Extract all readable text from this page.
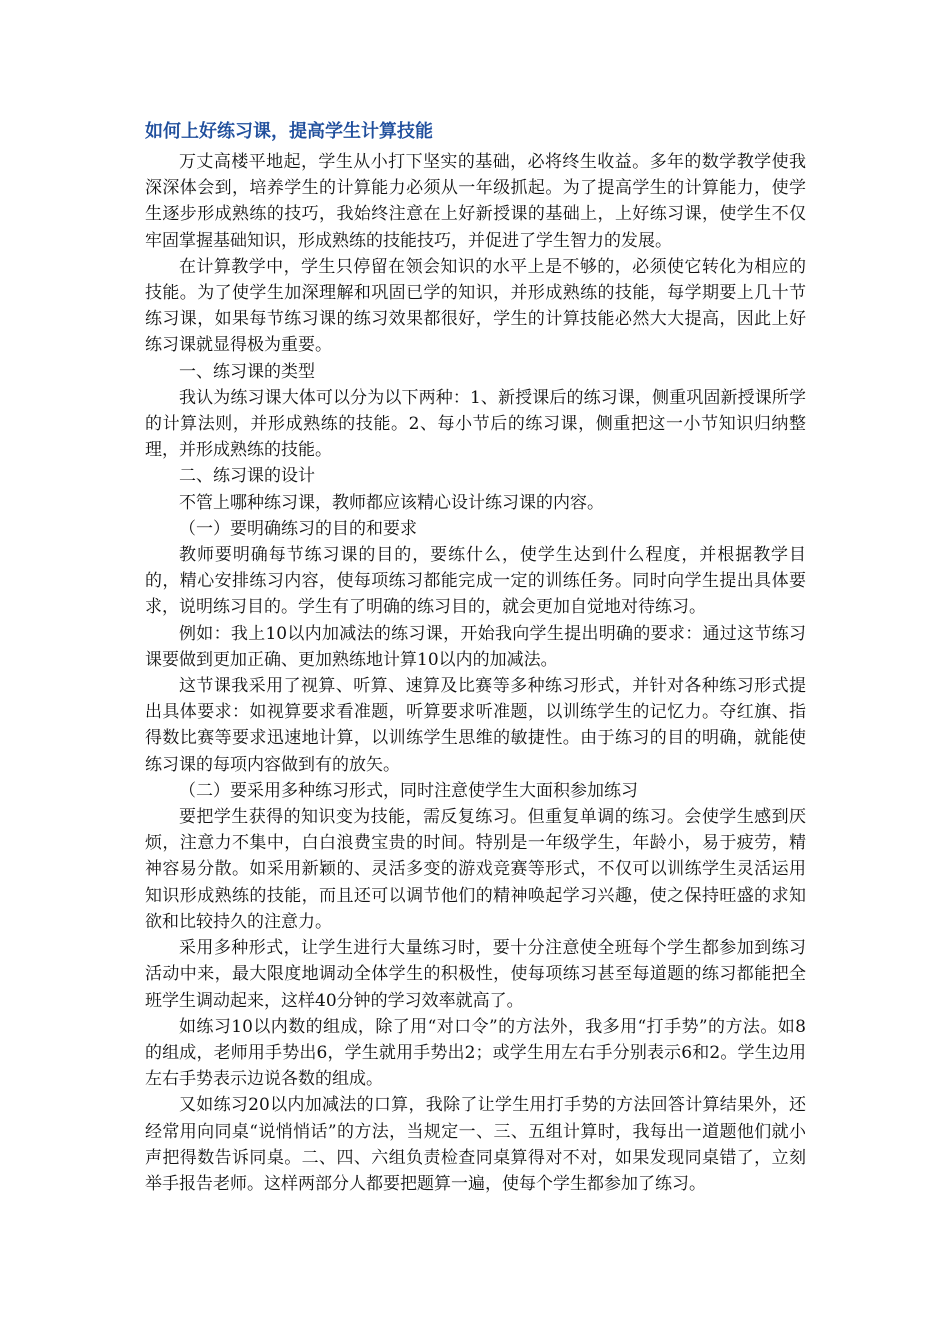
如何上好练习课，提高学生计算技能

万丈高楼平地起，学生从小打下坚实的基础，必将终生收益。多年的数学教学使我深深体会到，培养学生的计算能力必须从一年级抓起。为了提高学生的计算能力，使学生逐步形成熟练的技巧，我始终注意在上好新授课的基础上，上好练习课，使学生不仅牢固掌握基础知识，形成熟练的技能技巧，并促进了学生智力的发展。

在计算教学中，学生只停留在领会知识的水平上是不够的，必须使它转化为相应的技能。为了使学生加深理解和巩固已学的知识，并形成熟练的技能，每学期要上几十节练习课，如果每节练习课的练习效果都很好，学生的计算技能必然大大提高，因此上好练习课就显得极为重要。

一、练习课的类型

我认为练习课大体可以分为以下两种：1、新授课后的练习课，侧重巩固新授课所学的计算法则，并形成熟练的技能。2、每小节后的练习课，侧重把这一小节知识归纳整理，并形成熟练的技能。

二、练习课的设计

不管上哪种练习课，教师都应该精心设计练习课的内容。

（一）要明确练习的目的和要求

教师要明确每节练习课的目的，要练什么，使学生达到什么程度，并根据教学目的，精心安排练习内容，使每项练习都能完成一定的训练任务。同时向学生提出具体要求，说明练习目的。学生有了明确的练习目的，就会更加自觉地对待练习。

例如：我上10以内加减法的练习课，开始我向学生提出明确的要求：通过这节练习课要做到更加正确、更加熟练地计算10以内的加减法。

这节课我采用了视算、听算、速算及比赛等多种练习形式，并针对各种练习形式提出具体要求：如视算要求看准题，听算要求听准题，以训练学生的记忆力。夺红旗、指得数比赛等要求迅速地计算，以训练学生思维的敏捷性。由于练习的目的明确，就能使练习课的每项内容做到有的放矢。

（二）要采用多种练习形式，同时注意使学生大面积参加练习

要把学生获得的知识变为技能，需反复练习。但重复单调的练习。会使学生感到厌烦，注意力不集中，白白浪费宝贵的时间。特别是一年级学生，年龄小，易于疲劳，精神容易分散。如采用新颖的、灵活多变的游戏竞赛等形式，不仅可以训练学生灵活运用知识形成熟练的技能，而且还可以调节他们的精神唤起学习兴趣，使之保持旺盛的求知欲和比较持久的注意力。

采用多种形式，让学生进行大量练习时，要十分注意使全班每个学生都参加到练习活动中来，最大限度地调动全体学生的积极性，使每项练习甚至每道题的练习都能把全班学生调动起来，这样40分钟的学习效率就高了。

如练习10以内数的组成，除了用“对口令”的方法外，我多用“打手势”的方法。如8的组成，老师用手势出6，学生就用手势出2；或学生用左右手分别表示6和2。学生边用左右手势表示边说各数的组成。

又如练习20以内加减法的口算，我除了让学生用打手势的方法回答计算结果外，还经常用向同桌“说悄悄话”的方法，当规定一、三、五组计算时，我每出一道题他们就小声把得数告诉同桌。二、四、六组负责检查同桌算得对不对，如果发现同桌错了，立刻举手报告老师。这样两部分人都要把题算一遍，使每个学生都参加了练习。
